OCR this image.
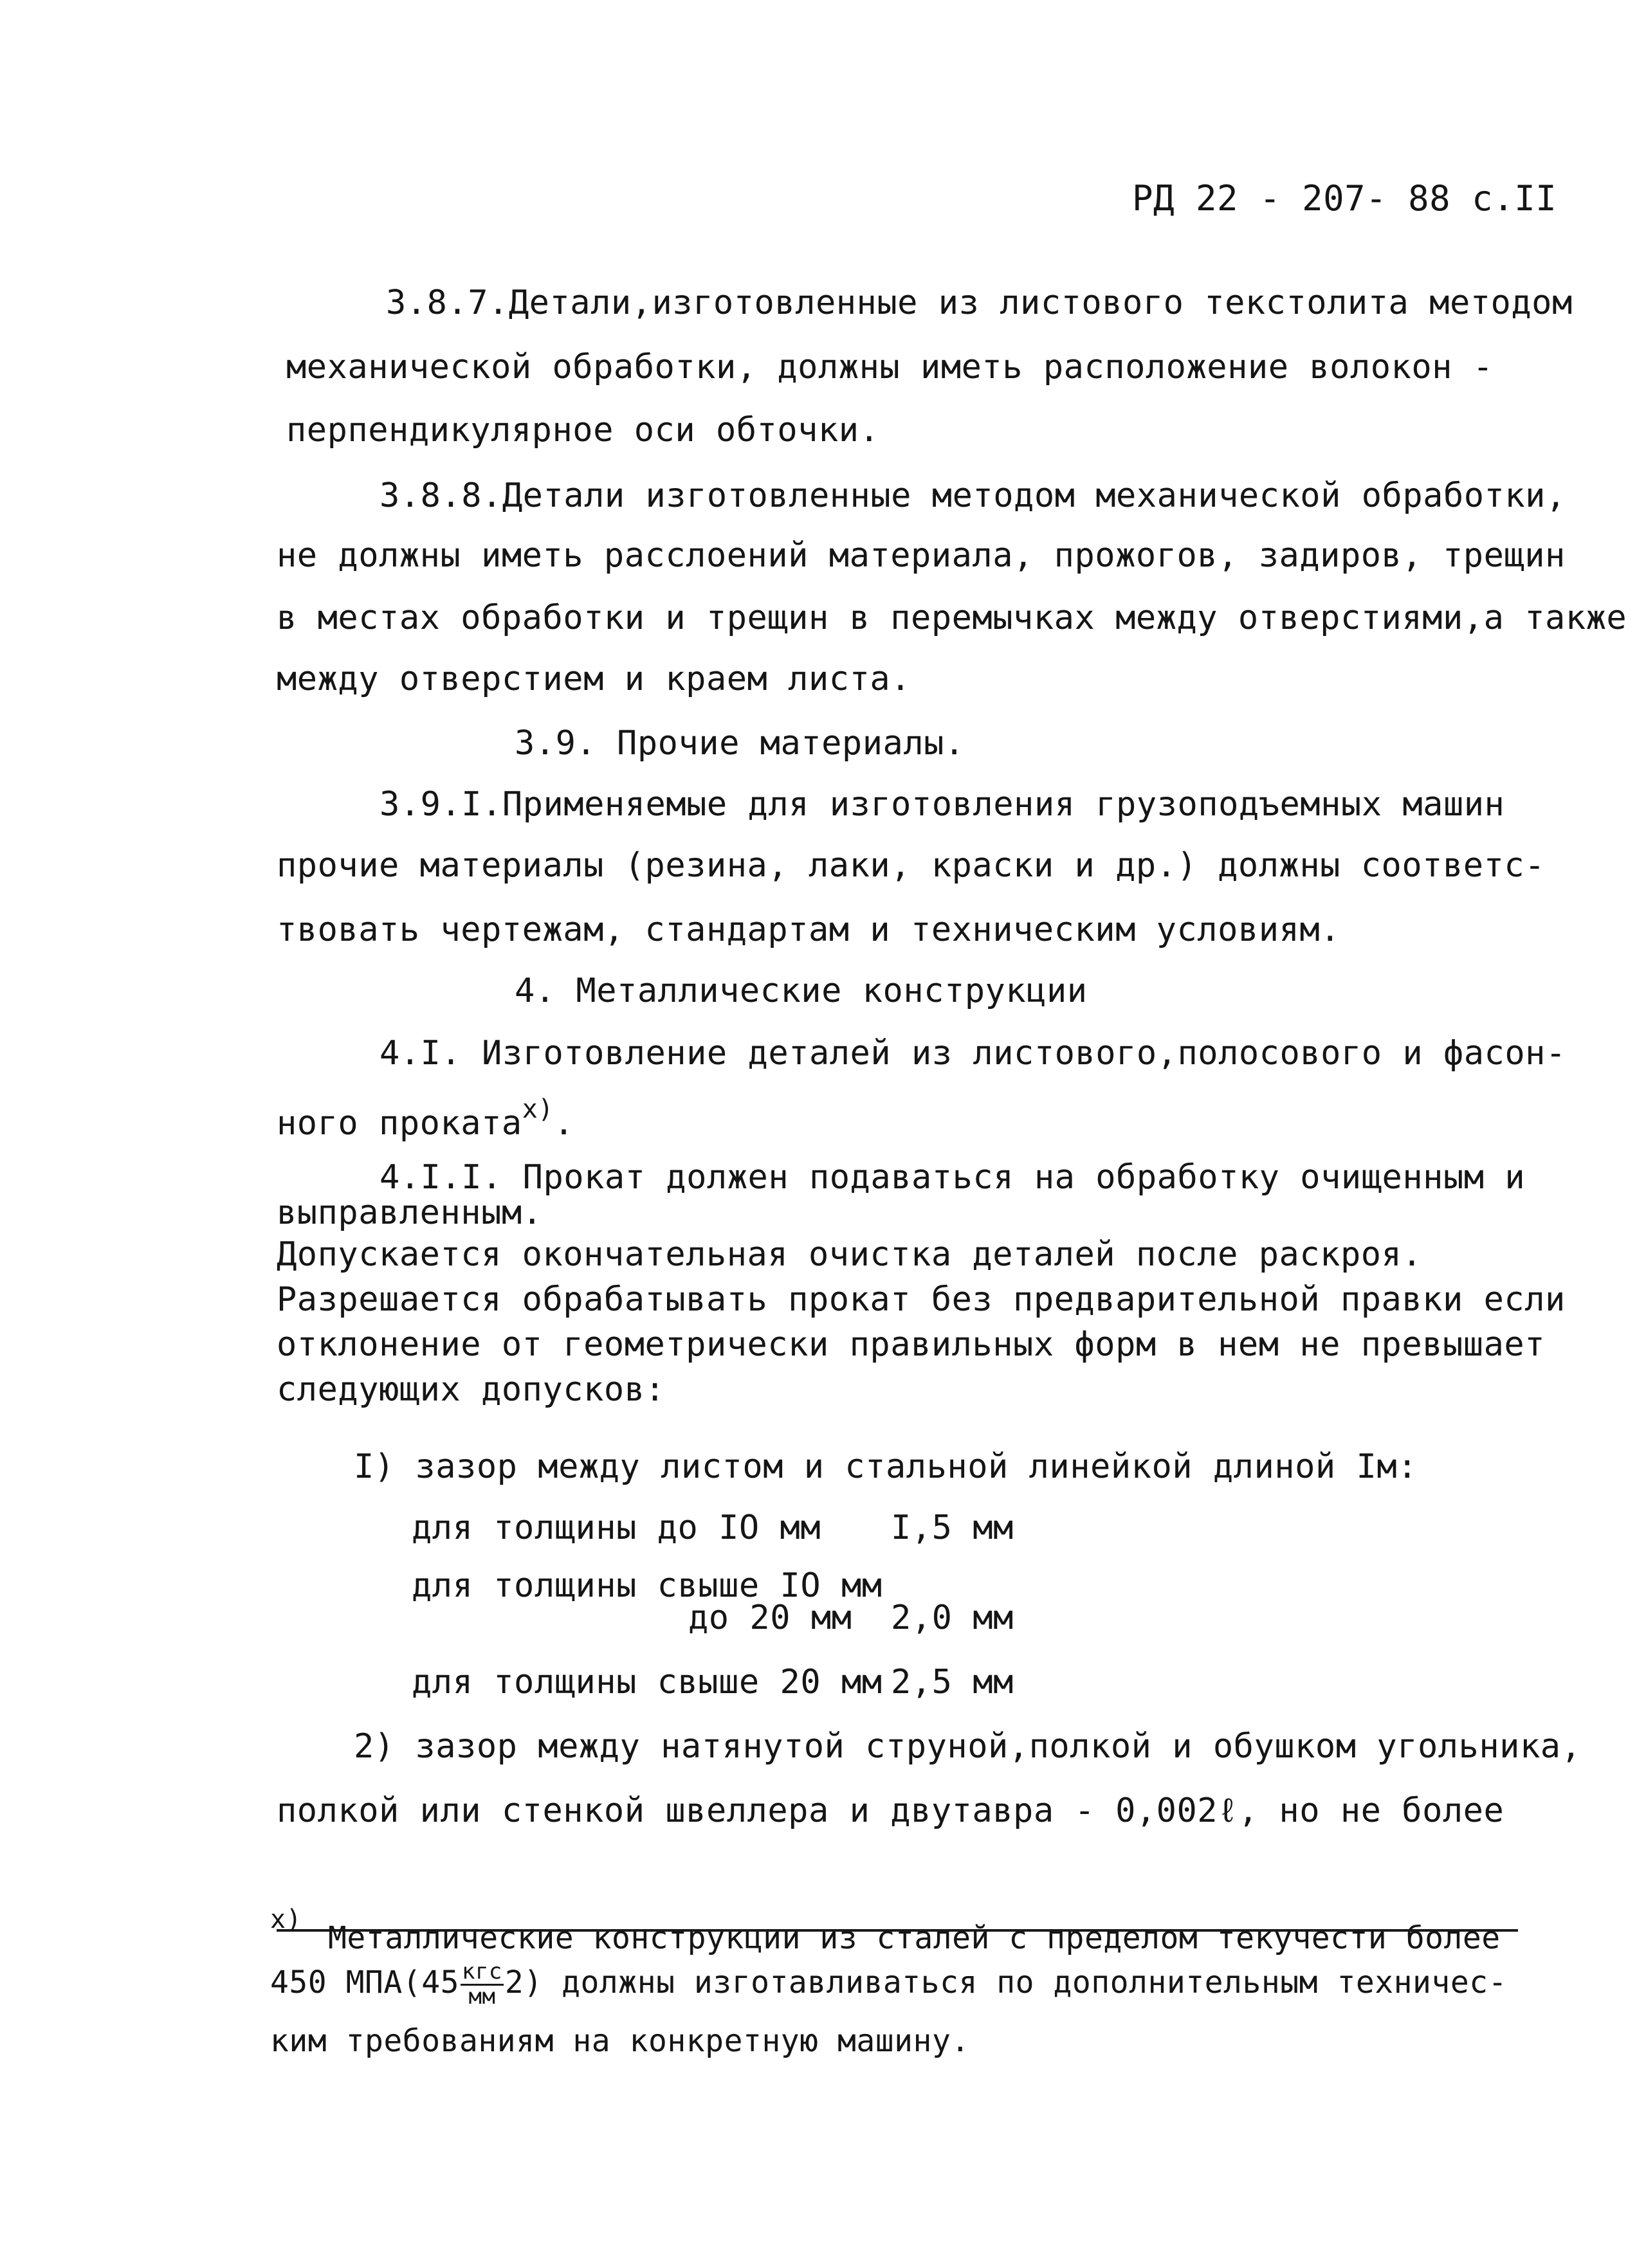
РД 22 - 207- 88 с.II
3.8.7.Детали,изготовленные из листового текстолита методом
механической обработки, должны иметь расположение волокон -
перпендикулярное оси обточки.
3.8.8.Детали изготовленные методом механической обработки,
не должны иметь расслоений материала, прожогов, задиров, трещин
в местах обработки и трещин в перемычках между отверстиями,а также
между отверстием и краем листа.
3.9. Прочие материалы.
3.9.I.Применяемые для изготовления грузоподъемных машин
прочие материалы (резина, лаки, краски и др.) должны соответс-
твовать чертежам, стандартам и техническим условиям.
4. Металлические конструкции
4.I. Изготовление деталей из листового,полосового и фасон-
ного проката$^{х)}$.
4.I.I. Прокат должен подаваться на обработку очищенным и
выправленным.
Допускается окончательная очистка деталей после раскроя.
Разрешается обрабатывать прокат без предварительной правки если
отклонение от геометрически правильных форм в нем не превышает
следующих допусков:
I) зазор между листом и стальной линейкой длиной Iм:
для толщины до IO мм I,5 мм
для толщины свыше IO мм
до 20 мм 2,0 мм
для толщины свыше 20 мм 2,5 мм
2) зазор между натянутой струной,полкой и обушком угольника,
полкой или стенкой швеллера и двутавра - 0,002ℓ, но не более
х)
Металлические конструкции из сталей с пределом текучести более
450 $МПА(45 \frac{\text{кгс}}{мм} 2)$ должны изготавливаться по дополнительным техничес-
ким требованиям на конкретную машину.
